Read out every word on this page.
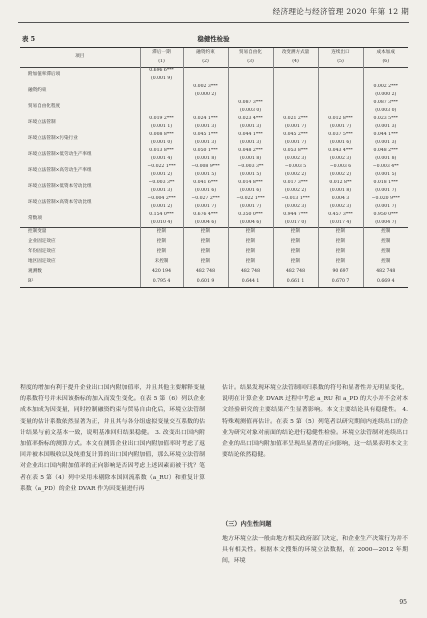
经济理论与经济管理 2020 年第 12 期
稳健性检验
表 5
项目	滞后一期	融资约束	贸易自由化	改变测方式量	连续出口	成本加成
	(1)	(2)	(3)	(4)	(5)	(6)
附加值率滞后项	0.696 6***					
	(0.001 9)					
融资约束		0.002 3***				0.002 2***
		(0.000 2)				(0.000 2)
贸易自由化程度			0.087 3***			0.087 3***
			(0.003 0)			(0.003 0)
环境立法管制	0.019 2***	0.024 1***	0.023 4***	0.021 2***	0.012 8***	0.023 5***
	(0.001 1)	(0.001 3)	(0.001 3)	(0.001 7)	(0.001 7)	(0.001 3)
环境立法管制×污染行业	0.008 8***	0.045 1***	0.044 1***	0.045 2***	0.037 5***	0.044 1***
	(0.001 0)	(0.001 3)	(0.001 3)	(0.001 7)	(0.001 6)	(0.001 3)
环境立法管制×低劳动生产率组	0.013 8***	0.050 1***	0.048 2***	0.053 8***	0.043 4***	0.048 2***
	(0.001 4)	(0.001 8)	(0.001 8)	(0.002 3)	(0.002 3)	(0.001 8)
环境立法管制×高劳动生产率组	−0.022 1***	−0.008 9***	−0.003 3**	−0.003 5	−0.003 6	−0.003 4**
	(0.001 2)	(0.001 5)	(0.001 5)	(0.002 2)	(0.002 2)	(0.001 5)
环境立法管制×低资本劳动比组	−0.003 3**	0.041 6***	0.014 8***	0.017 3***	0.012 8**	0.018 1***
	(0.001 3)	(0.001 6)	(0.001 6)	(0.002 2)	(0.001 8)	(0.001 7)
环境立法管制×高资本劳动比组	−0.004 2***	−0.027 2***	−0.022 1***	−0.013 1***	0.004 3	−0.020 9***
	(0.001 2)	(0.001 7)	(0.001 7)	(0.002 3)	(0.002 3)	(0.001 7)
常数项	0.154 0***	0.676 4***	0.350 0***	0.944 7***	0.457 3***	0.950 0***
	(0.010 4)	(0.004 6)	(0.004 6)	(0.017 0)	(0.017 4)	(0.004 7)
控制变量	控制	控制	控制	控制	控制	控制
企业固定效应	控制	控制	控制	控制	控制	控制
年份固定效应	控制	控制	控制	控制	控制	控制
地区固定效应	未控制	控制	控制	控制	控制	控制
观测数	420 194	482 748	482 748	482 748	90 697	482 748
R²	0.795 4	0.601 9	0.644 1	0.661 1	0.670 7	0.669 4

程度的增加有利于提升企业出口国内附加值率，并且其他主要解释变量的系数符号并未因该指标的加入而发生变化。在表 5 第（6）列以企业成本加成为因变量，同时控制融资约束与贸易自由化后，环境立法管制变量的估计系数依然显著为正，并且其与各分组虚拟变量交互系数的估计结果与前文基本一致，说明基准回归结果稳健。 3. 改变出口国内附加值率指标的测算方式。本文在测算企业出口国内附加值率时考虑了返回并被本国吸收以及纯重复计算的出口国内附加值，那么环境立法管制对企业出口国内附加值率的正向影响是否因考虑上述因素而被干扰？笔者在表 5 第（4）列中采用未剔除本国回流系数（a_RU）和重复计算系数（a_PD）的企业 DVAR 作为因变量进行再

估计。结果发现环境立法管制回归系数的符号和显著性并无明显变化，说明在计算企业 DVAR 过程中考虑 a_RU 和 a_PD 的大小并不会对本文经验研究的主要结果产生显著影响。本文主要结论具有稳健性。 4. 特殊观测值再估计。在表 5 第（5）列笔者以研究期间内连续出口的企业为研究对象对前面的结论进行稳健性检验。环境立法管制对连续出口企业的出口国内附加值率呈现出显著的正向影响，这一结果表明本文主要结论依然稳健。

（三）内生性问题

地方环境立法一般由地方相关政府部门决定，和企业生产决策行为并不具有相关性。根据本文搜集的环境立法数据，在 2000—2012 年期间，环境

95
